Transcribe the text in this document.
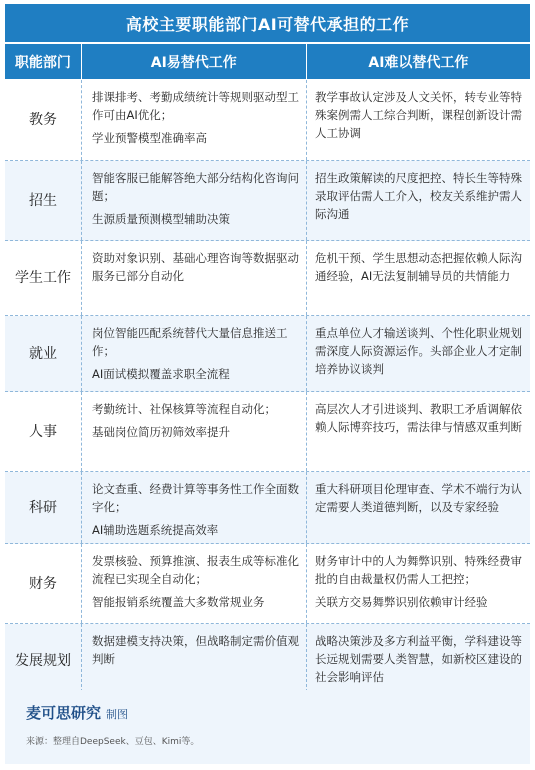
高校主要职能部门AI可替代承担的工作
职能部门	AI易替代工作	AI难以替代工作
教务

排课排考、考勤成绩统计等规则驱动型工作可由AI优化；

学业预警模型准确率高

教学事故认定涉及人文关怀，转专业等特殊案例需人工综合判断，课程创新设计需人工协调

招生

智能客服已能解答绝大部分结构化咨询问题；

生源质量预测模型辅助决策

招生政策解读的尺度把控、特长生等特殊录取评估需人工介入，校友关系维护需人际沟通

学生工作

资助对象识别、基础心理咨询等数据驱动服务已部分自动化

危机干预、学生思想动态把握依赖人际沟通经验，AI无法复制辅导员的共情能力

就业

岗位智能匹配系统替代大量信息推送工作；

AI面试模拟覆盖求职全流程

重点单位人才输送谈判、个性化职业规划需深度人际资源运作。头部企业人才定制培养协议谈判

人事

考勤统计、社保核算等流程自动化；

基础岗位简历初筛效率提升

高层次人才引进谈判、教职工矛盾调解依赖人际博弈技巧，需法律与情感双重判断

科研

论文查重、经费计算等事务性工作全面数字化；

AI辅助选题系统提高效率

重大科研项目伦理审查、学术不端行为认定需要人类道德判断，以及专家经验

财务

发票核验、预算推演、报表生成等标准化流程已实现全自动化；

智能报销系统覆盖大多数常规业务

财务审计中的人为舞弊识别、特殊经费审批的自由裁量权仍需人工把控；

关联方交易舞弊识别依赖审计经验

发展规划

数据建模支持决策，但战略制定需价值观判断

战略决策涉及多方利益平衡，学科建设等长远规划需要人类智慧，如新校区建设的社会影响评估

麦可思研究 制图
来源：整理自DeepSeek、豆包、Kimi等。
